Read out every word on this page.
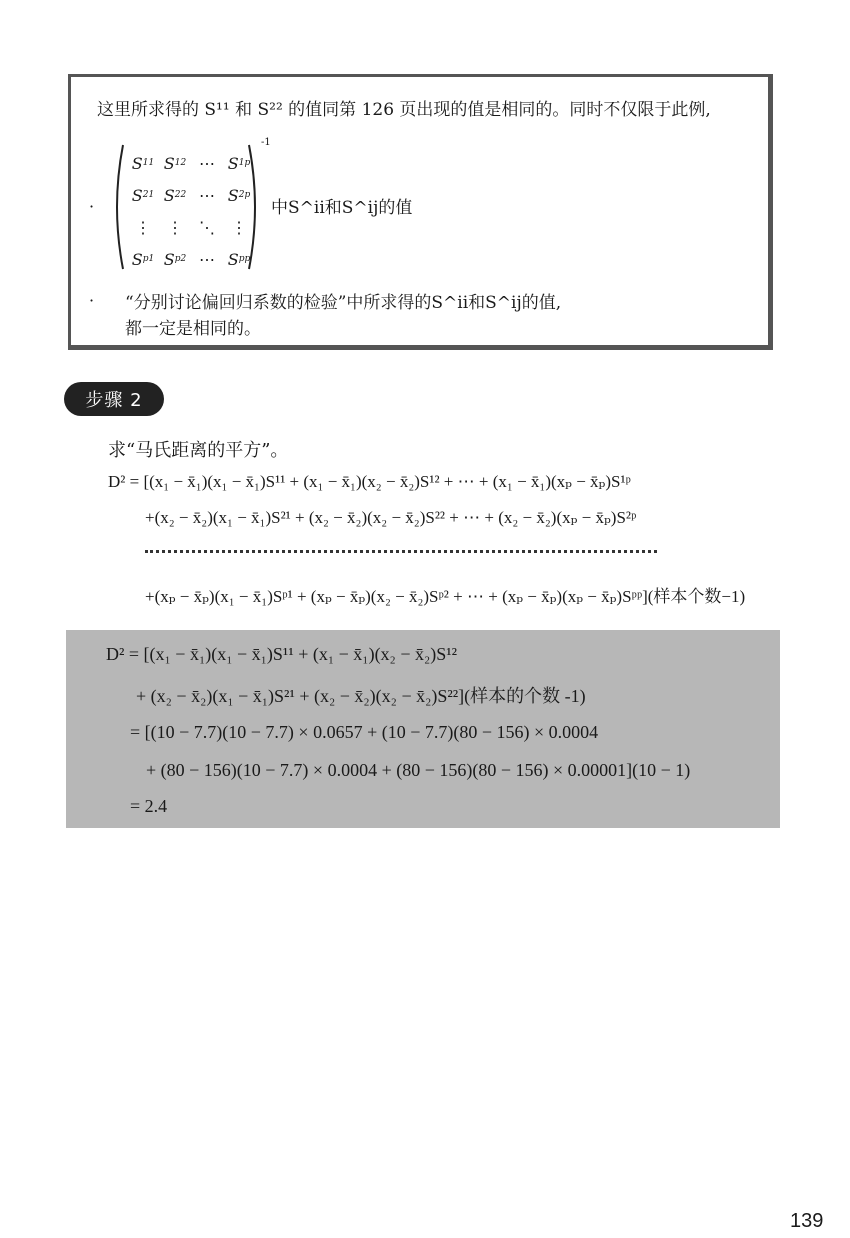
这里所求得的 S¹¹ 和 S²² 的值同第 126 页出现的值是相同的。同时不仅限于此例,
·
S 11 S 12 ⋯ S 1p
S 21 S 22 ⋯ S 2p
⋮	⋮	⋱	⋮
S p1 S p2 ⋯ S pp
-1
中S^ii和S^ij的值
· “分别讨论偏回归系数的检验”中所求得的S^ii和S^ij的值,
都一定是相同的。
步骤 2
求“马氏距离的平方”。
D² = [(x₁ − x̄₁)(x₁ − x̄₁)S¹¹ + (x₁ − x̄₁)(x₂ − x̄₂)S¹² + ⋯ + (x₁ − x̄₁)(xₚ − x̄ₚ)S¹ᵖ
+(x₂ − x̄₂)(x₁ − x̄₁)S²¹ + (x₂ − x̄₂)(x₂ − x̄₂)S²² + ⋯ + (x₂ − x̄₂)(xₚ − x̄ₚ)S²ᵖ
+(xₚ − x̄ₚ)(x₁ − x̄₁)Sᵖ¹ + (xₚ − x̄ₚ)(x₂ − x̄₂)Sᵖ² + ⋯ + (xₚ − x̄ₚ)(xₚ − x̄ₚ)Sᵖᵖ](样本个数−1)
D² = [(x₁ − x̄₁)(x₁ − x̄₁)S¹¹ + (x₁ − x̄₁)(x₂ − x̄₂)S¹²
+ (x₂ − x̄₂)(x₁ − x̄₁)S²¹ + (x₂ − x̄₂)(x₂ − x̄₂)S²²](样本的个数 -1)
= [(10 − 7.7)(10 − 7.7) × 0.0657 + (10 − 7.7)(80 − 156) × 0.0004
+ (80 − 156)(10 − 7.7) × 0.0004 + (80 − 156)(80 − 156) × 0.00001](10 − 1)
= 2.4
139
